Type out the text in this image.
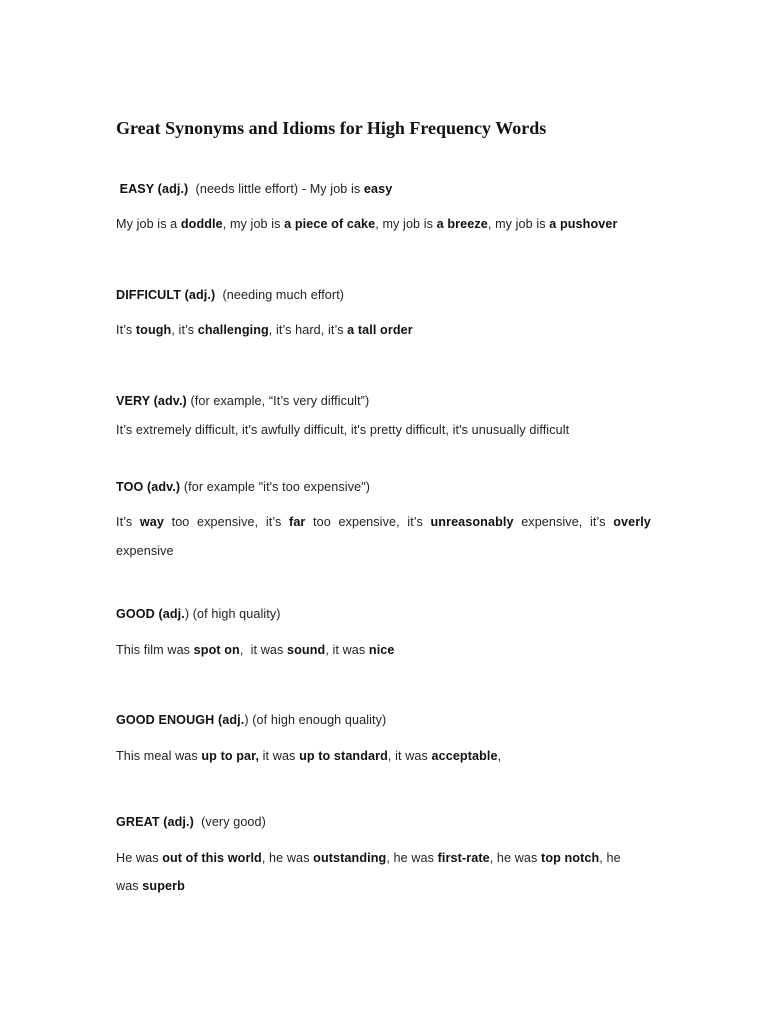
Great Synonyms and Idioms for High Frequency Words
EASY (adj.)  (needs little effort) - My job is easy
My job is a doddle, my job is a piece of cake, my job is a breeze, my job is a pushover
DIFFICULT (adj.)  (needing much effort)
It’s tough, it’s challenging, it’s hard, it’s a tall order
VERY (adv.) (for example, “It’s very difficult”)
It’s extremely difficult, it's awfully difficult, it's pretty difficult, it's unusually difficult
TOO (adv.) (for example "it's too expensive")
It’s way too expensive, it’s far too expensive, it’s unreasonably expensive, it’s overly
expensive
GOOD (adj.) (of high quality)
This film was spot on,  it was sound, it was nice
GOOD ENOUGH (adj.) (of high enough quality)
This meal was up to par, it was up to standard, it was acceptable,
GREAT (adj.)  (very good)
He was out of this world, he was outstanding, he was first-rate, he was top notch, he
was superb
